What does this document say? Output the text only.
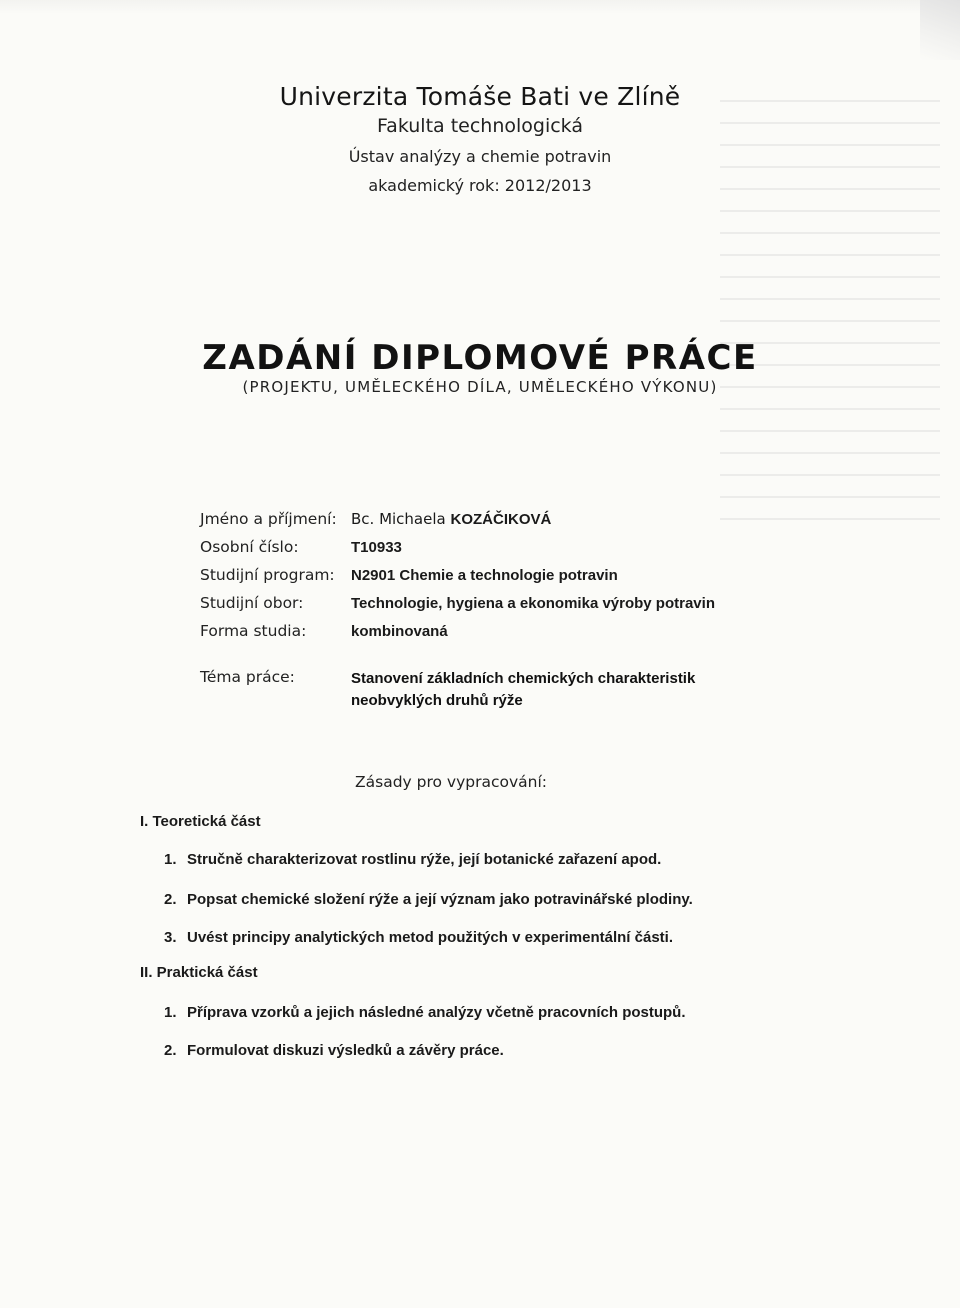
Univerzita Tomáše Bati ve Zlíně
Fakulta technologická
Ústav analýzy a chemie potravin
akademický rok: 2012/2013
ZADÁNÍ DIPLOMOVÉ PRÁCE
(PROJEKTU, UMĚLECKÉHO DÍLA, UMĚLECKÉHO VÝKONU)
Jméno a příjmení: Bc. Michaela KOZÁČIKOVÁ
Osobní číslo:	T10933
Studijní program:	N2901 Chemie a technologie potravin
Studijní obor:	Technologie, hygiena a ekonomika výroby potravin
Forma studia:	kombinovaná
Téma práce:	Stanovení základních chemických charakteristik neobvyklých druhů rýže
Zásady pro vypracování:
I. Teoretická část
1. Stručně charakterizovat rostlinu rýže, její botanické zařazení apod.
2. Popsat chemické složení rýže a její význam jako potravinářské plodiny.
3. Uvést principy analytických metod použitých v experimentální části.
II. Praktická část
1. Příprava vzorků a jejich následné analýzy včetně pracovních postupů.
2. Formulovat diskuzi výsledků a závěry práce.
